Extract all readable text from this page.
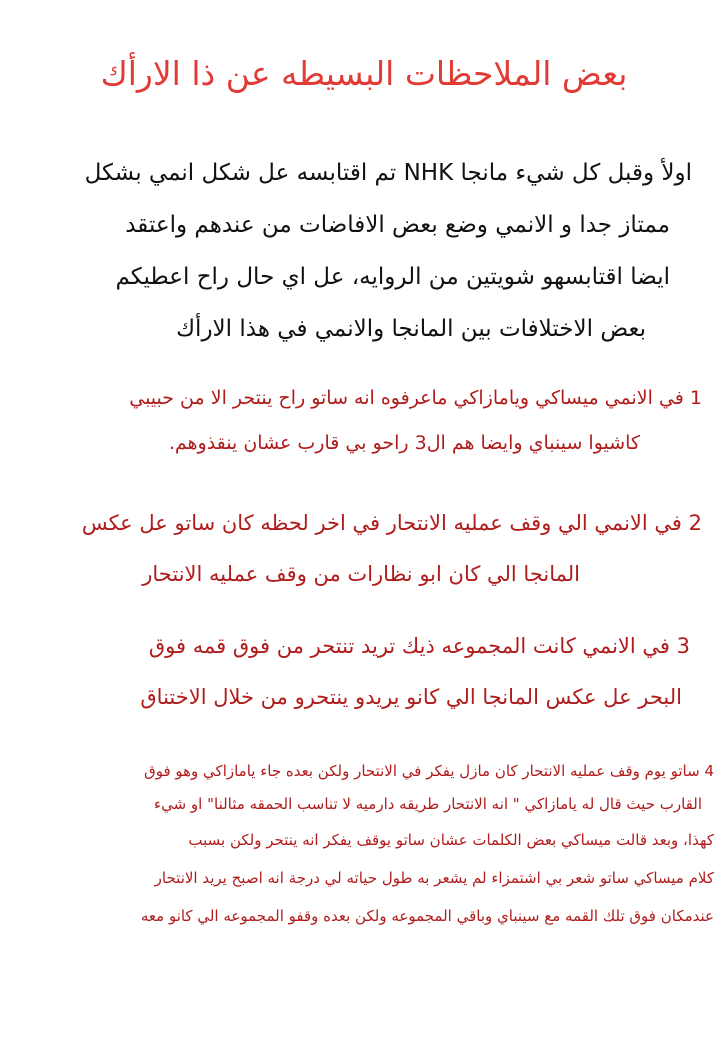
بعض الملاحظات البسيطه عن ذا الارأك
اولأ وقبل كل شيء مانجا NHK تم اقتابسه عل شكل انمي بشكل
ممتاز جدا و الانمي وضع بعض الافاضات من عندهم واعتقد
ايضا اقتابسهو شويتين من الروايه، عل اي حال راح اعطيكم
بعض الاختلافات بين المانجا والانمي في هذا الارأك
1 في الانمي ميساكي ويامازاكي ماعرفوه انه ساتو راح ينتحر الا من حبيبي
كاشيوا سينباي وايضا هم ال3 راحو بي قارب عشان ينقذوهم.
2 في الانمي الي وقف عمليه الانتحار في اخر لحظه كان ساتو عل عكس
المانجا الي كان ابو نظارات من وقف عمليه الانتحار
3 في الانمي كانت المجموعه ذيك تريد تنتحر من فوق قمه فوق
البحر عل عكس المانجا الي كانو يريدو ينتحرو من خلال الاختناق
4 ساتو يوم وقف عمليه الانتحار كان مازل يفكر في الانتحار ولكن بعده جاء يامازاكي وهو فوق
القارب حيث قال له يامازاكي " انه الانتحار طريقه دارميه لا تناسب الحمقه مثالنا" او شيء
كهذا، وبعد قالت ميساكي بعض الكلمات عشان ساتو يوقف يفكر انه ينتحر ولكن بسبب
كلام ميساكي ساتو شعر بي اشتمزاء لم يشعر به طول حياته لي درجة انه اصبح يريد الانتحار
عندمكان فوق تلك القمه مع سينباي وباقي المجموعه ولكن بعده وقفو المجموعه الي كانو معه
